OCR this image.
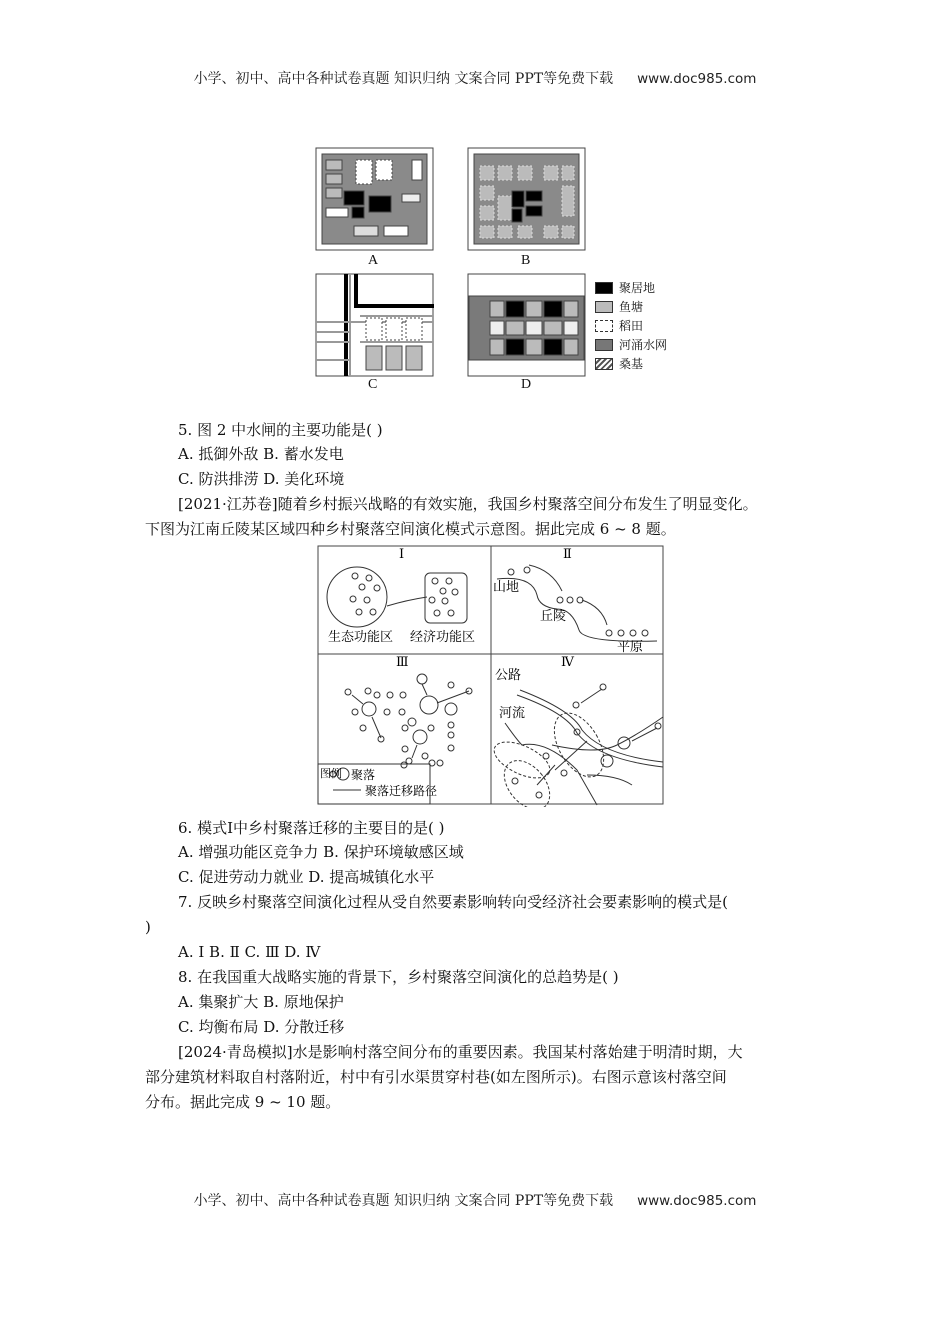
小学、初中、高中各种试卷真题 知识归纳 文案合同 PPT等免费下载 www.doc985.com
A	B
C	D
聚居地
鱼塘
稻田
河涌水网
桑基
5. 图 2 中水闸的主要功能是( )
A. 抵御外敌 B. 蓄水发电
C. 防洪排涝 D. 美化环境
[2021·江苏卷]随着乡村振兴战略的有效实施，我国乡村聚落空间分布发生了明显变化。
下图为江南丘陵某区域四种乡村聚落空间演化模式示意图。据此完成 6 ~ 8 题。
Ⅰ	Ⅱ
Ⅲ	Ⅳ
生态功能区 经济功能区
山地
丘陵
平原
公路
河流
图例 聚落
聚落迁移路径
6. 模式Ⅰ中乡村聚落迁移的主要目的是( )
A. 增强功能区竞争力 B. 保护环境敏感区域
C. 促进劳动力就业 D. 提高城镇化水平
7. 反映乡村聚落空间演化过程从受自然要素影响转向受经济社会要素影响的模式是(
)
A. Ⅰ B. Ⅱ C. Ⅲ D. Ⅳ
8. 在我国重大战略实施的背景下，乡村聚落空间演化的总趋势是( )
A. 集聚扩大 B. 原地保护
C. 均衡布局 D. 分散迁移
[2024·青岛模拟]水是影响村落空间分布的重要因素。我国某村落始建于明清时期，大
部分建筑材料取自村落附近，村中有引水渠贯穿村巷(如左图所示)。右图示意该村落空间
分布。据此完成 9 ~ 10 题。
小学、初中、高中各种试卷真题 知识归纳 文案合同 PPT等免费下载 www.doc985.com
